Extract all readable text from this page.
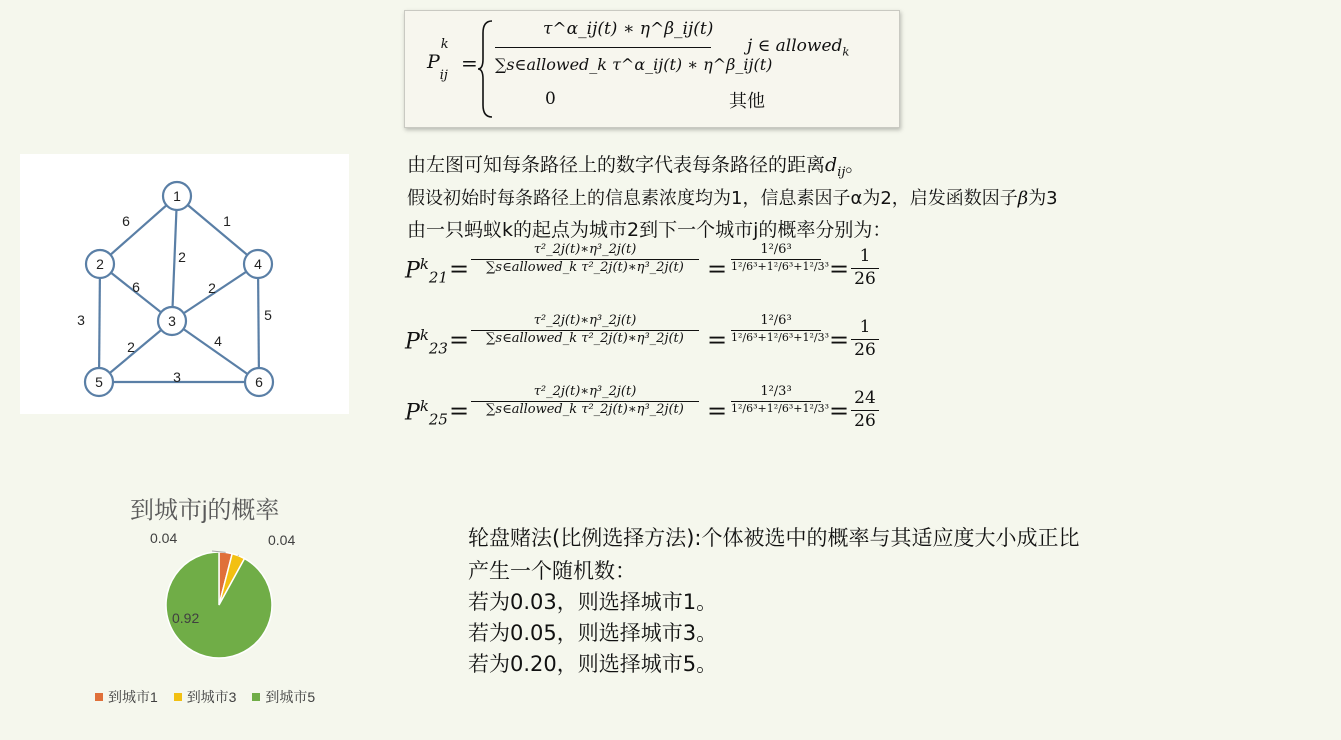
P
k
$_{ij}$
=
τ^α_ij(t) ∗ η^β_ij(t)
∑s∈allowed_k τ^α_ij(t) ∗ η^β_ij(t)
j ∈ allowed$_k$
0	其他
1
2
3
4
5	6
6	1
2
6	2
3	5
2	4
3
由左图可知每条路径上的数字代表每条路径的距离$d_{ij}$。
假设初始时每条路径上的信息素浓度均为1，信息素因子α为2，启发函数因子β为3
由一只蚂蚁k的起点为城市2到下一个城市j的概率分别为：
$P^k_{21}$ =
τ²_2j(t)∗η³_2j(t)
∑s∈allowed_k τ²_2j(t)∗η³_2j(t) =
1²/6³
1²/6³+1²/6³+1²/3³ = 1
26
$P^k_{23}$ =
τ²_2j(t)∗η³_2j(t)
∑s∈allowed_k τ²_2j(t)∗η³_2j(t) =
1²/6³
1²/6³+1²/6³+1²/3³ = 1
26
$P^k_{25}$ =
τ²_2j(t)∗η³_2j(t)
∑s∈allowed_k τ²_2j(t)∗η³_2j(t) =
1²/3³
1²/6³+1²/6³+1²/3³ = 24
26
到城市j的概率
0.04	0.04
0.92
到城市1 到城市3 到城市5
轮盘赌法(比例选择方法):个体被选中的概率与其适应度大小成正比
产生一个随机数：
若为0.03，则选择城市1。
若为0.05，则选择城市3。
若为0.20，则选择城市5。
